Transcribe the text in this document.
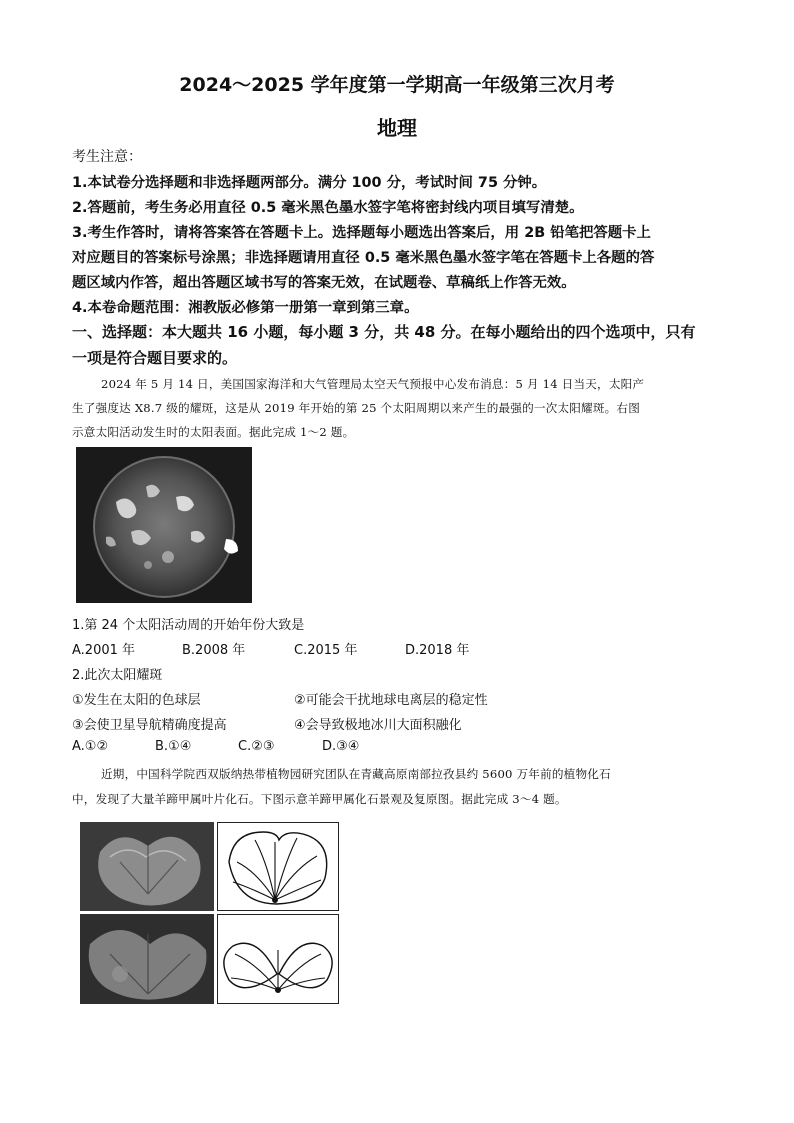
2024～2025 学年度第一学期高一年级第三次月考
地理
考生注意：
1.本试卷分选择题和非选择题两部分。满分 100 分，考试时间 75 分钟。
2.答题前，考生务必用直径 0.5 毫米黑色墨水签字笔将密封线内项目填写清楚。
3.考生作答时，请将答案答在答题卡上。选择题每小题选出答案后，用 2B 铅笔把答题卡上
对应题目的答案标号涂黑；非选择题请用直径 0.5 毫米黑色墨水签字笔在答题卡上各题的答
题区域内作答，超出答题区域书写的答案无效，在试题卷、草稿纸上作答无效。
4.本卷命题范围：湘教版必修第一册第一章到第三章。
一、选择题：本大题共 16 小题，每小题 3 分，共 48 分。在每小题给出的四个选项中，只有
一项是符合题目要求的。
2024 年 5 月 14 日，美国国家海洋和大气管理局太空天气预报中心发布消息：5 月 14 日当天，太阳产
生了强度达 X8.7 级的耀斑，这是从 2019 年开始的第 25 个太阳周期以来产生的最强的一次太阳耀斑。右图
示意太阳活动发生时的太阳表面。据此完成 1～2 题。
1.第 24 个太阳活动周的开始年份大致是
A.2001 年	B.2008 年	C.2015 年	D.2018 年
2.此次太阳耀斑
①发生在太阳的色球层	②可能会干扰地球电离层的稳定性
③会使卫星导航精确度提高	④会导致极地冰川大面积融化
A.①②	B.①④	C.②③	D.③④
近期，中国科学院西双版纳热带植物园研究团队在青藏高原南部拉孜县约 5600 万年前的植物化石
中，发现了大量羊蹄甲属叶片化石。下图示意羊蹄甲属化石景观及复原图。据此完成 3～4 题。
